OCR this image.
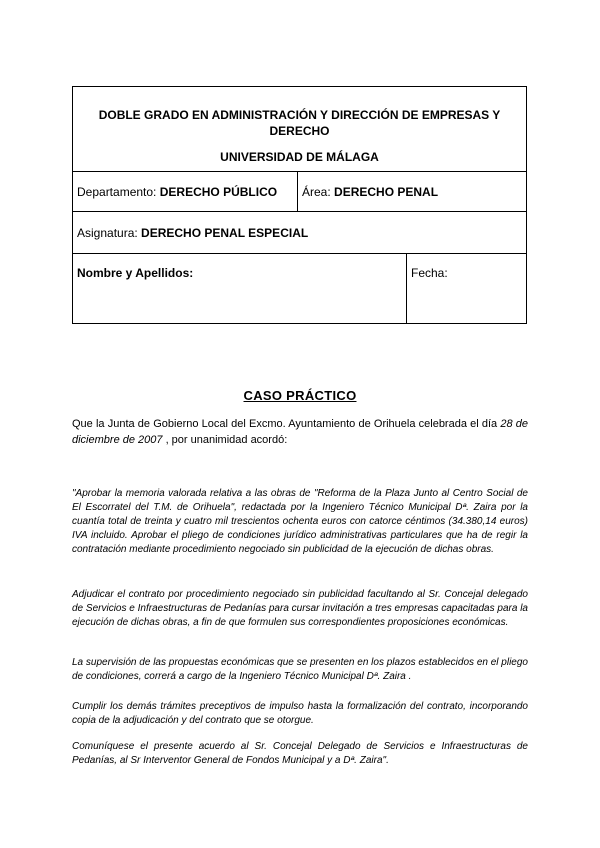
DOBLE GRADO EN ADMINISTRACIÓN Y DIRECCIÓN DE EMPRESAS Y DERECHO
UNIVERSIDAD DE MÁLAGA
Departamento:
DERECHO PÚBLICO Área:
DERECHO PENAL
Asignatura:
DERECHO PENAL ESPECIAL
Nombre y Apellidos:	Fecha:
CASO PRÁCTICO
Que la Junta de Gobierno Local del Excmo. Ayuntamiento de Orihuela celebrada el día 28 de diciembre de 2007 , por unanimidad acordó:
"Aprobar la memoria valorada relativa a las obras de "Reforma de la Plaza Junto al Centro Social de El Escorratel del T.M. de Orihuela", redactada por la Ingeniero Técnico Municipal Dª. Zaira por la cuantía total de treinta y cuatro mil trescientos ochenta euros con catorce céntimos (34.380,14 euros) IVA incluido. Aprobar el pliego de condiciones jurídico administrativas particulares que ha de regir la contratación mediante procedimiento negociado sin publicidad de la ejecución de dichas obras.
Adjudicar el contrato por procedimiento negociado sin publicidad facultando al Sr. Concejal delegado de Servicios e Infraestructuras de Pedanías para cursar invitación a tres empresas capacitadas para la ejecución de dichas obras, a fin de que formulen sus correspondientes proposiciones económicas.
La supervisión de las propuestas económicas que se presenten en los plazos establecidos en el pliego de condiciones, correrá a cargo de la Ingeniero Técnico Municipal Dª. Zaira .
Cumplir los demás trámites preceptivos de impulso hasta la formalización del contrato, incorporando copia de la adjudicación y del contrato que se otorgue.
Comuníquese el presente acuerdo al Sr. Concejal Delegado de Servicios e Infraestructuras de Pedanías, al Sr Interventor General de Fondos Municipal y a Dª. Zaira".
